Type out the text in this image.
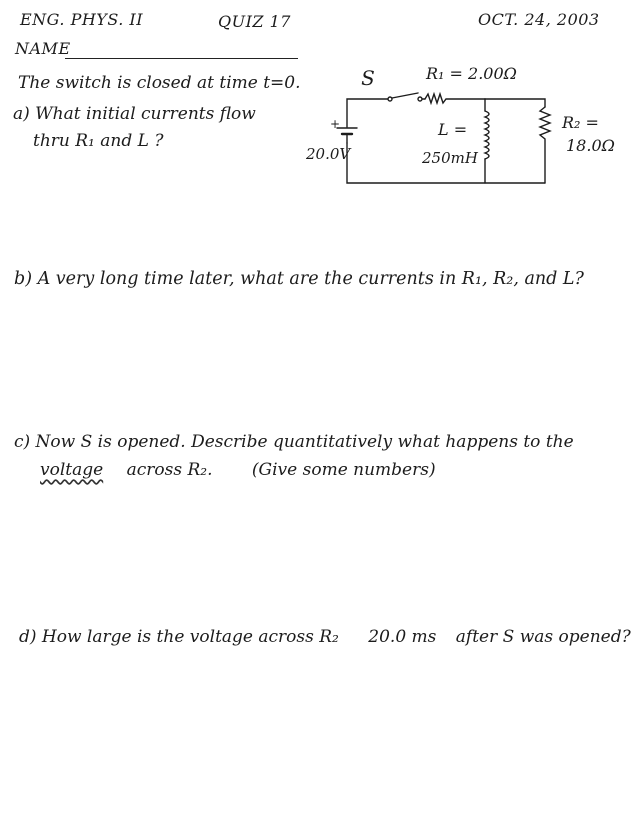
ENG. PHYS. II	QUIZ 17	OCT. 24, 2003
NAME
The switch is closed at time t=0.
a) What initial currents flow
thru R₁ and L ?
S	R₁ = 2.00Ω
+
20.0V
L =
250mH
R₂ =
18.0Ω
b) A very long time later, what are the currents in R₁, R₂, and L?
c) Now S is opened. Describe quantitatively what happens to the
voltage across R₂. (Give some numbers)
d) How large is the voltage across R₂ 20.0 ms after S was opened?
